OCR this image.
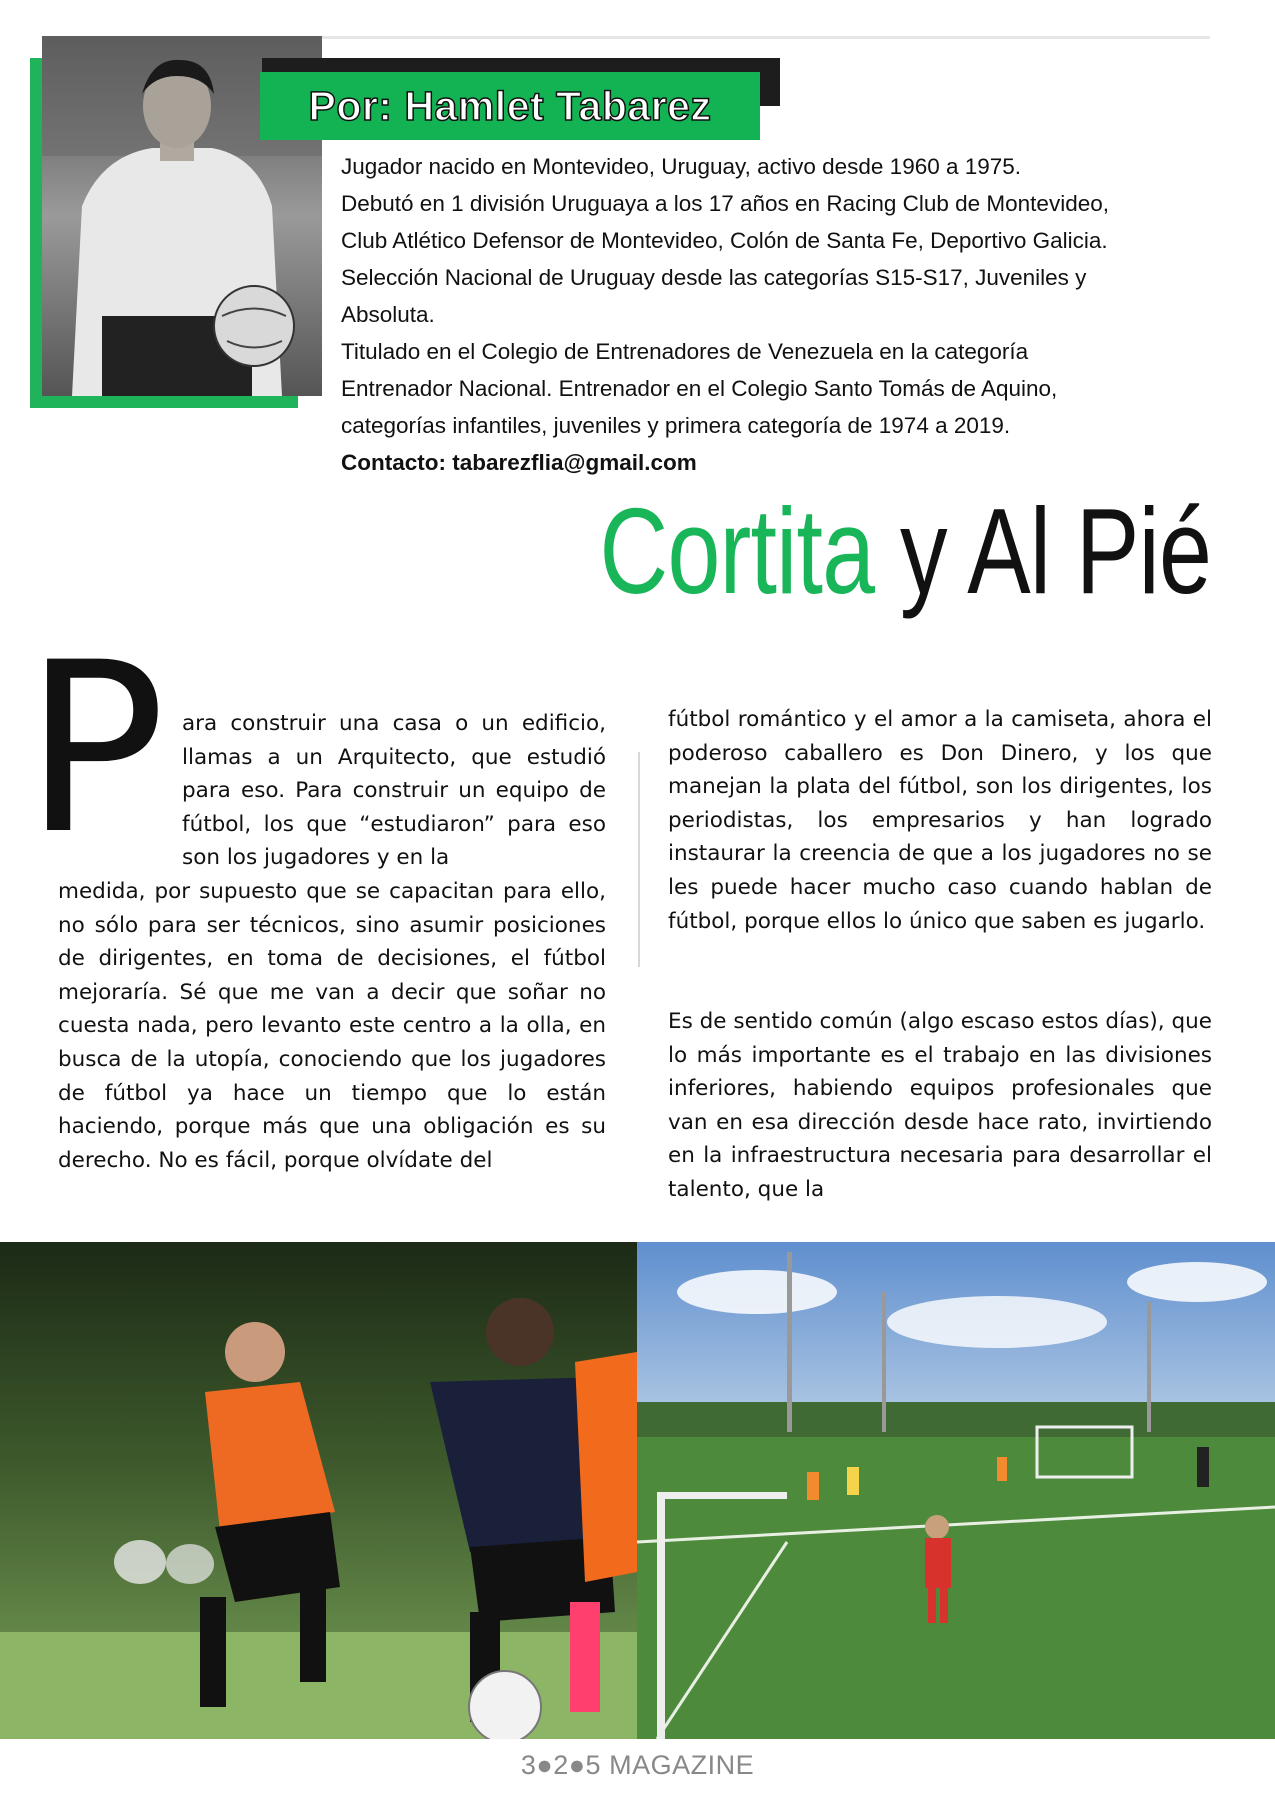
Por: Hamlet Tabarez

Jugador nacido en Montevideo, Uruguay, activo desde 1960 a 1975.

Debutó en 1 división Uruguaya a los 17 años en Racing Club de Montevideo,

Club Atlético Defensor de Montevideo, Colón de Santa Fe, Deportivo Galicia.

Selección Nacional de Uruguay desde las categorías S15-S17, Juveniles y

Absoluta.

Titulado en el Colegio de Entrenadores de Venezuela en la categoría

Entrenador Nacional. Entrenador en el Colegio Santo Tomás de Aquino,

categorías infantiles, juveniles y primera categoría de 1974 a 2019.

Contacto: tabarezflia@gmail.com

Cortita y Al Pié
P ara construir una casa o un edificio, llamas a un Arquitecto, que estudió para eso. Para construir un equipo de fútbol, los que “estudiaron” para eso son los jugadores y en la

medida, por supuesto que se capacitan para ello, no sólo para ser técnicos, sino asumir posiciones de dirigentes, en toma de decisiones, el fútbol mejoraría. Sé que me van a decir que soñar no cuesta nada, pero levanto este centro a la olla, en busca de la utopía, conociendo que los jugadores de fútbol ya hace un tiempo que lo están haciendo, porque más que una obligación es su derecho. No es fácil, porque olvídate del

fútbol romántico y el amor a la camiseta, ahora el poderoso caballero es Don Dinero, y los que manejan la plata del fútbol, son los dirigentes, los periodistas, los empresarios y han logrado instaurar la creencia de que a los jugadores no se les puede hacer mucho caso cuando hablan de fútbol, porque ellos lo único que saben es jugarlo.

Es de sentido común (algo escaso estos días), que lo más importante es el trabajo en las divisiones inferiores, habiendo equipos profesionales que van en esa dirección desde hace rato, invirtiendo en la infraestructura necesaria para desarrollar el talento, que la

3●2●5 MAGAZINE
